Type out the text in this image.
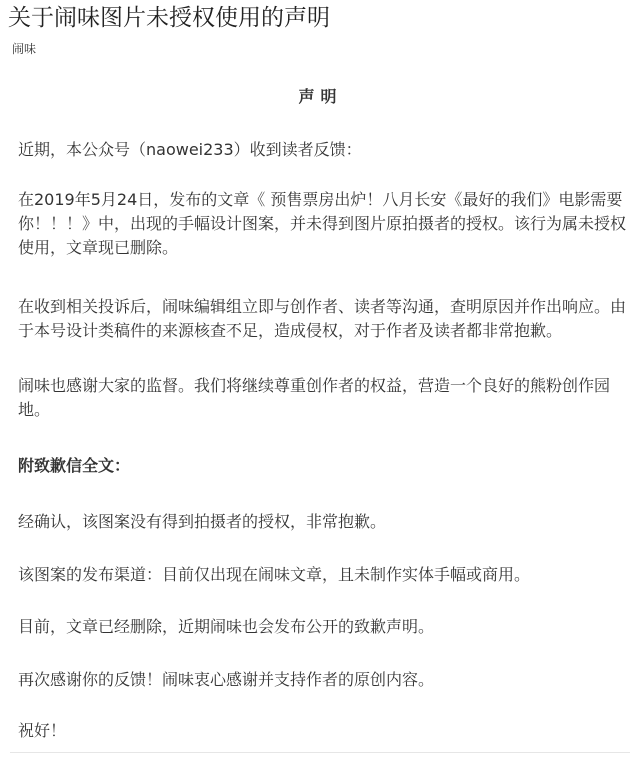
关于闹味图片未授权使用的声明
闹味
声明

近期，本公众号（naowei233）收到读者反馈：

在2019年5月24日，发布的文章《 预售票房出炉！八月长安《最好的我们》电影需要你！！！》中，出现的手幅设计图案，并未得到图片原拍摄者的授权。该行为属未授权使用，文章现已删除。

在收到相关投诉后，闹味编辑组立即与创作者、读者等沟通，查明原因并作出响应。由于本号设计类稿件的来源核查不足，造成侵权，对于作者及读者都非常抱歉。

闹味也感谢大家的监督。我们将继续尊重创作者的权益，营造一个良好的熊粉创作园地。

附致歉信全文：

经确认，该图案没有得到拍摄者的授权，非常抱歉。

该图案的发布渠道：目前仅出现在闹味文章，且未制作实体手幅或商用。

目前，文章已经删除，近期闹味也会发布公开的致歉声明。

再次感谢你的反馈！闹味衷心感谢并支持作者的原创内容。

祝好！
